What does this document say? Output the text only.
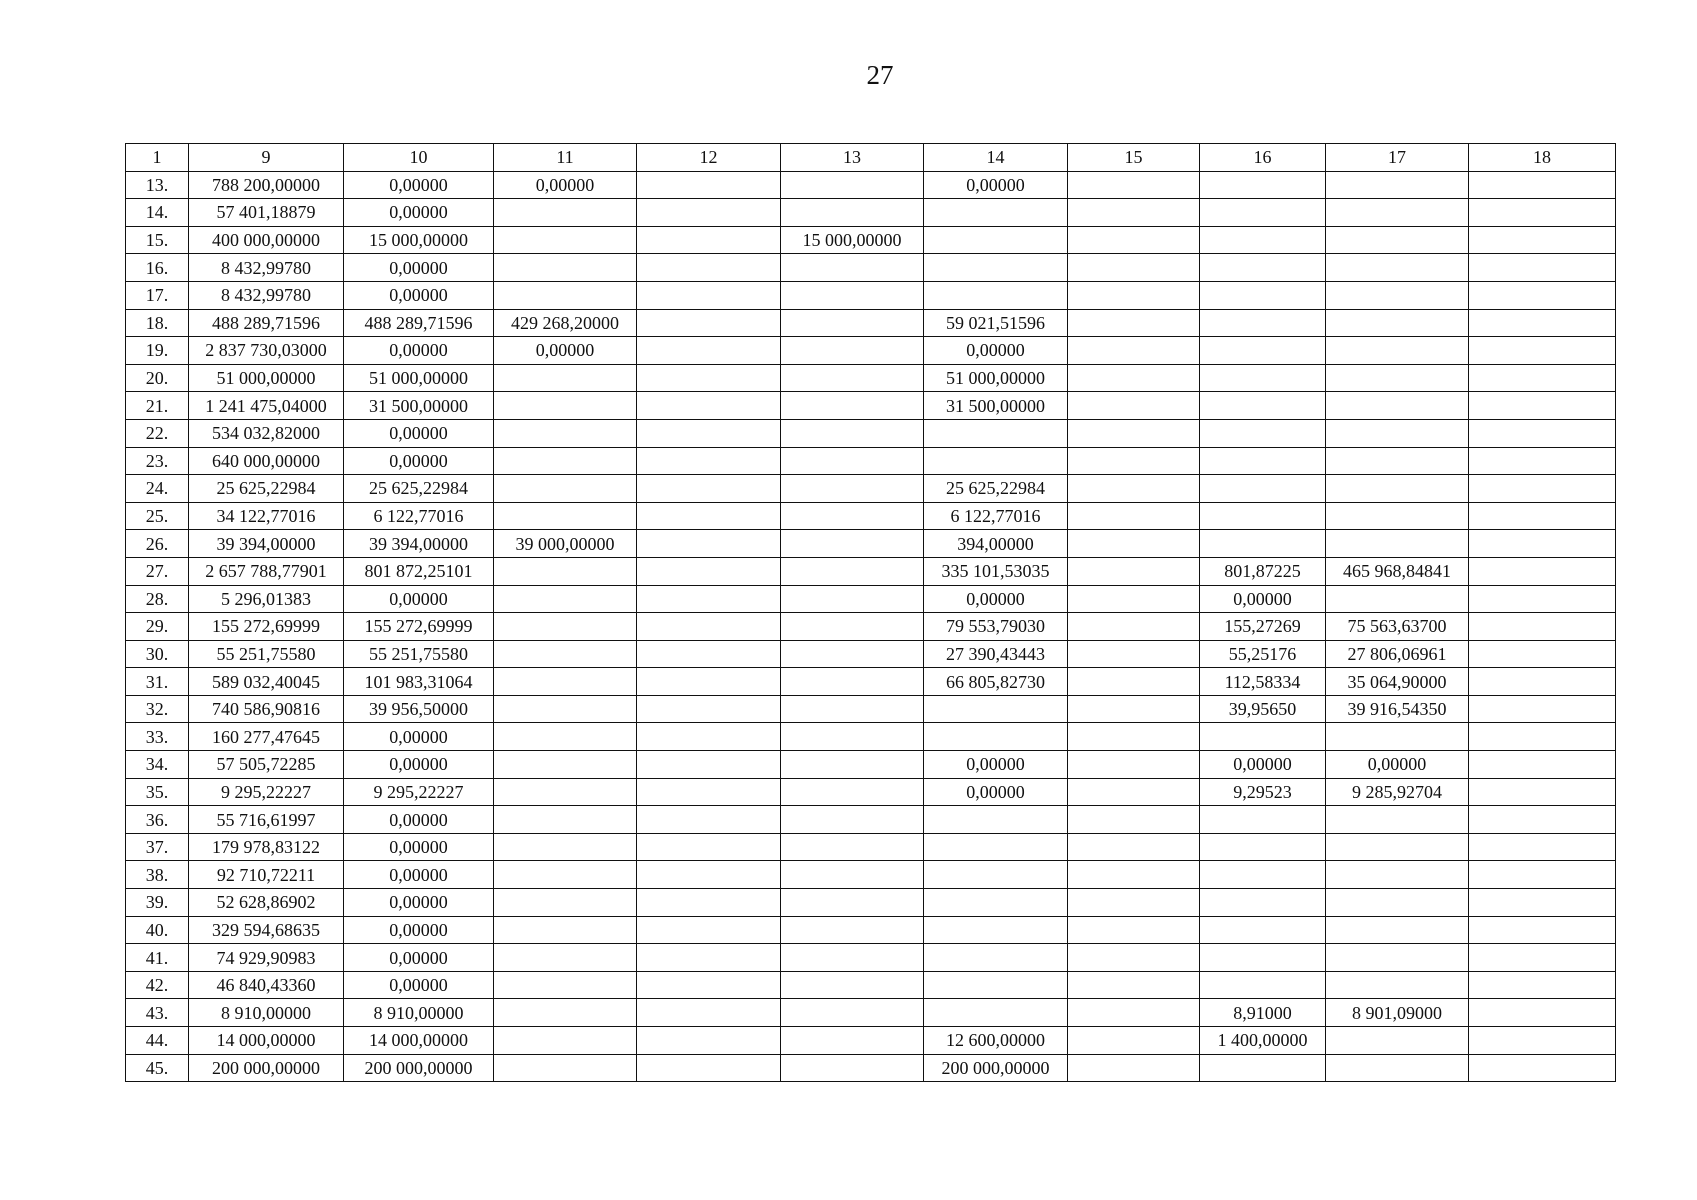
27
1	9	10	11	12	13	14	15	16	17	18
13.	788 200,00000	0,00000	0,00000			0,00000				
14.	57 401,18879	0,00000								
15.	400 000,00000	15 000,00000			15 000,00000					
16.	8 432,99780	0,00000								
17.	8 432,99780	0,00000								
18.	488 289,71596	488 289,71596	429 268,20000			59 021,51596				
19.	2 837 730,03000	0,00000	0,00000			0,00000				
20.	51 000,00000	51 000,00000				51 000,00000				
21.	1 241 475,04000	31 500,00000				31 500,00000				
22.	534 032,82000	0,00000								
23.	640 000,00000	0,00000								
24.	25 625,22984	25 625,22984				25 625,22984				
25.	34 122,77016	6 122,77016				6 122,77016				
26.	39 394,00000	39 394,00000	39 000,00000			394,00000				
27.	2 657 788,77901	801 872,25101				335 101,53035		801,87225	465 968,84841	
28.	5 296,01383	0,00000				0,00000		0,00000		
29.	155 272,69999	155 272,69999				79 553,79030		155,27269	75 563,63700	
30.	55 251,75580	55 251,75580				27 390,43443		55,25176	27 806,06961	
31.	589 032,40045	101 983,31064				66 805,82730		112,58334	35 064,90000	
32.	740 586,90816	39 956,50000						39,95650	39 916,54350	
33.	160 277,47645	0,00000								
34.	57 505,72285	0,00000				0,00000		0,00000	0,00000	
35.	9 295,22227	9 295,22227				0,00000		9,29523	9 285,92704	
36.	55 716,61997	0,00000								
37.	179 978,83122	0,00000								
38.	92 710,72211	0,00000								
39.	52 628,86902	0,00000								
40.	329 594,68635	0,00000								
41.	74 929,90983	0,00000								
42.	46 840,43360	0,00000								
43.	8 910,00000	8 910,00000						8,91000	8 901,09000	
44.	14 000,00000	14 000,00000				12 600,00000		1 400,00000		
45.	200 000,00000	200 000,00000				200 000,00000				
